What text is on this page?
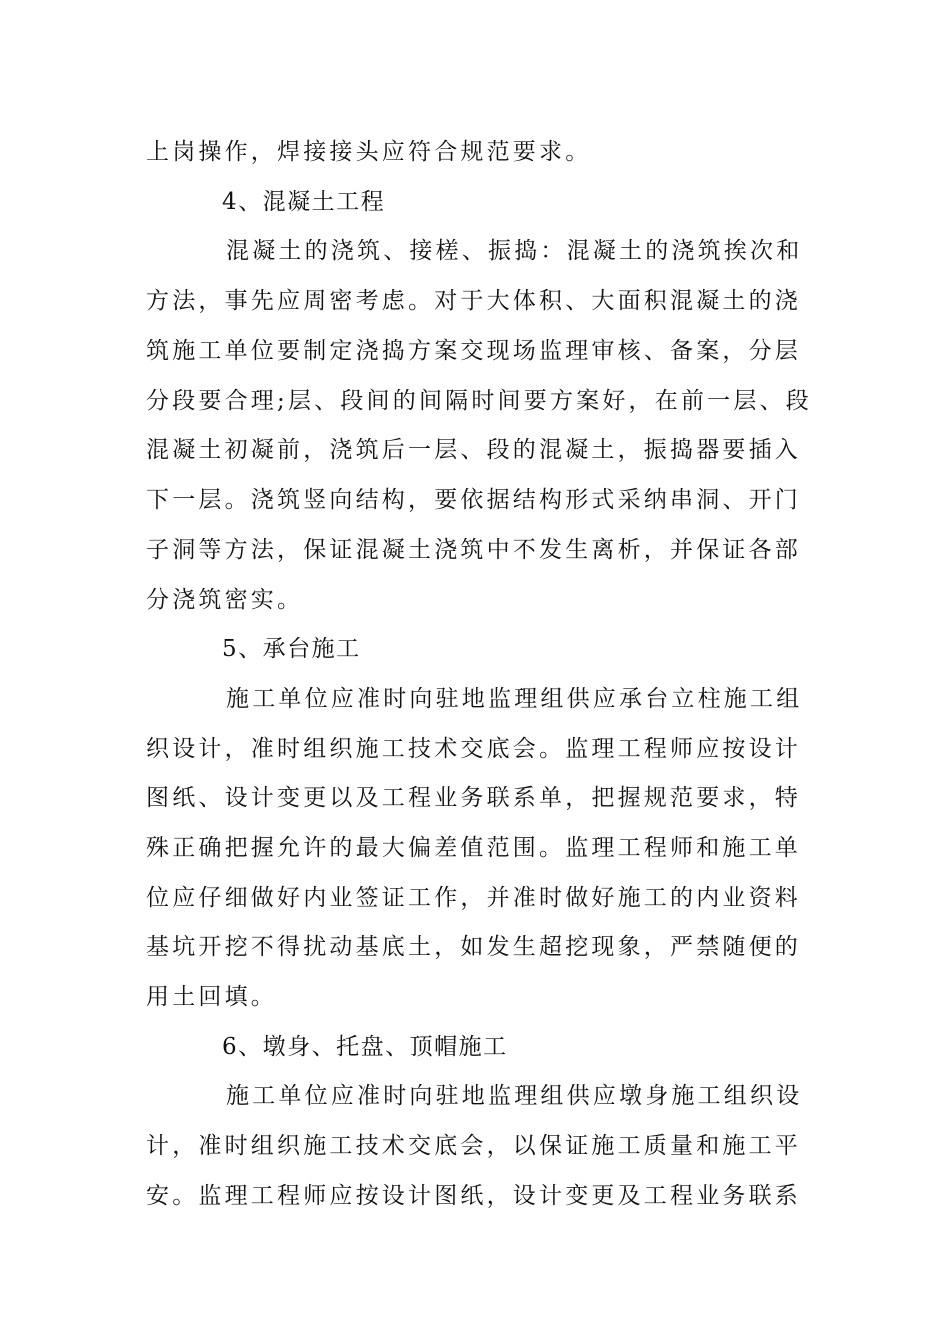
上岗操作，焊接接头应符合规范要求。
4、混凝土工程
混凝土的浇筑、接槎、振捣：混凝土的浇筑挨次和
方法，事先应周密考虑。对于大体积、大面积混凝土的浇
筑施工单位要制定浇捣方案交现场监理审核、备案，分层
分段要合理;层、段间的间隔时间要方案好，在前一层、段
混凝土初凝前，浇筑后一层、段的混凝土，振捣器要插入
下一层。浇筑竖向结构，要依据结构形式采纳串洞、开门
子洞等方法，保证混凝土浇筑中不发生离析，并保证各部
分浇筑密实。
5、承台施工
施工单位应准时向驻地监理组供应承台立柱施工组
织设计，准时组织施工技术交底会。监理工程师应按设计
图纸、设计变更以及工程业务联系单，把握规范要求，特
殊正确把握允许的最大偏差值范围。监理工程师和施工单
位应仔细做好内业签证工作，并准时做好施工的内业资料
基坑开挖不得扰动基底土，如发生超挖现象，严禁随便的
用土回填。
6、墩身、托盘、顶帽施工
施工单位应准时向驻地监理组供应墩身施工组织设
计，准时组织施工技术交底会，以保证施工质量和施工平
安。监理工程师应按设计图纸，设计变更及工程业务联系
